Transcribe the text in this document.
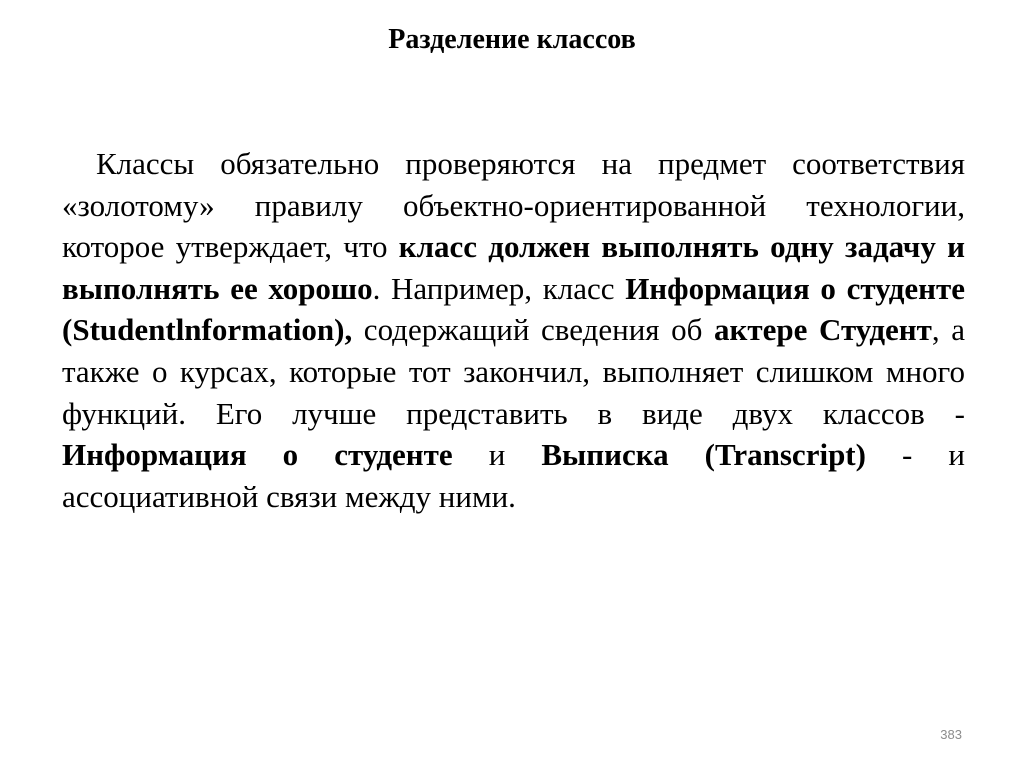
Разделение классов

Классы обязательно проверяются на предмет соответствия «золотому» правилу объектно-ориентированной технологии, которое утверждает, что класс должен выполнять одну задачу и выполнять ее хорошо. Например, класс Информация о студенте (Studentlnformation), содержащий сведения об актере Студент, а также о курсах, которые тот закончил, выполняет слишком много функций. Его лучше представить в виде двух классов - Информация о студенте и Выписка (Transcript) - и ассоциативной связи между ними.

383
